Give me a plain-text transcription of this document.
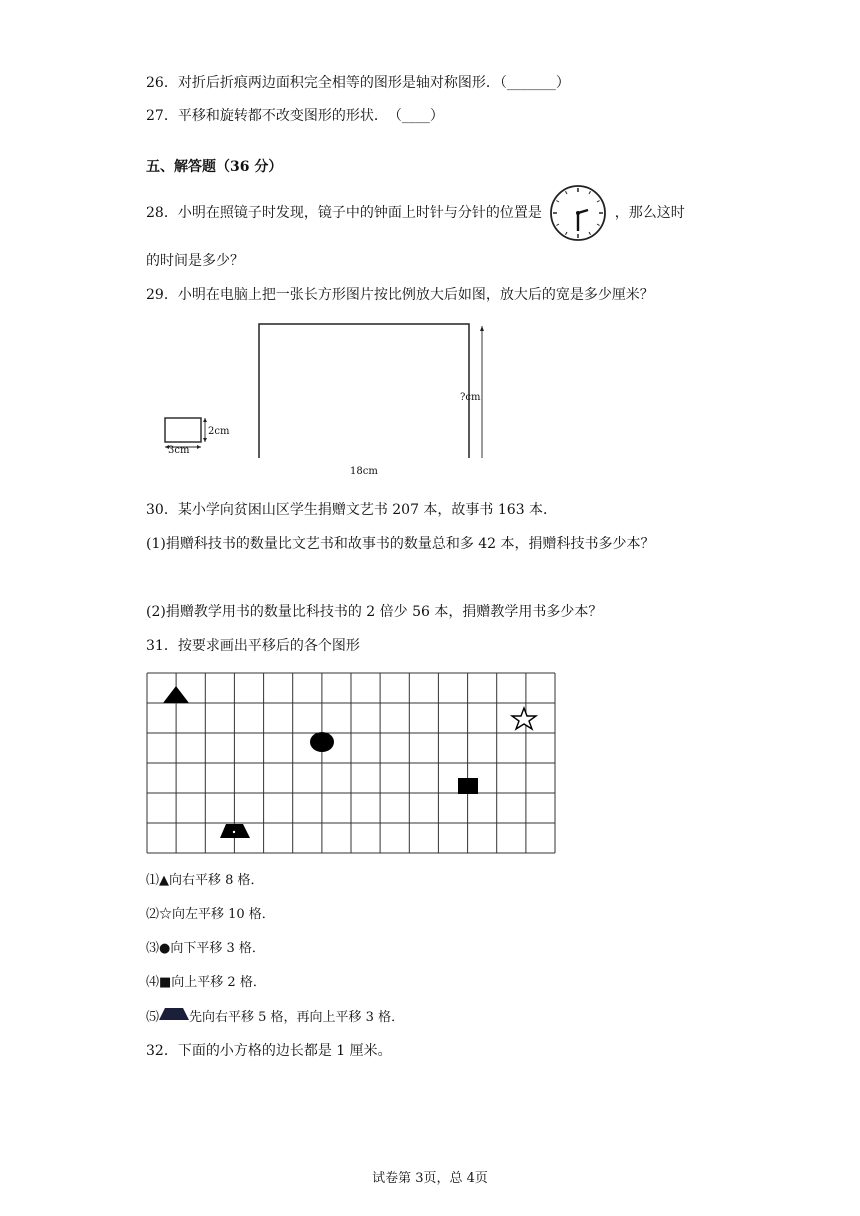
26．对折后折痕两边面积完全相等的图形是轴对称图形．（_______）
27．平移和旋转都不改变图形的形状．　（____）
五、解答题（36 分）
28．小明在照镜子时发现，镜子中的钟面上时针与分针的位置是	，那么这时
的时间是多少？
29．小明在电脑上把一张长方形图片按比例放大后如图，放大后的宽是多少厘米？
3cm
2cm
18cm
?cm
30．某小学向贫困山区学生捐赠文艺书 207 本，故事书 163 本．
(1)捐赠科技书的数量比文艺书和故事书的数量总和多 42 本，捐赠科技书多少本？
(2)捐赠教学用书的数量比科技书的 2 倍少 56 本，捐赠教学用书多少本？
31．按要求画出平移后的各个图形
⑴▲向右平移 8 格．
⑵☆向左平移 10 格．
⑶●向下平移 3 格．
⑷■向上平移 2 格．
⑸ 先向右平移 5 格，再向上平移 3 格．
32．下面的小方格的边长都是 1 厘米。
试卷第 3页，总 4页
